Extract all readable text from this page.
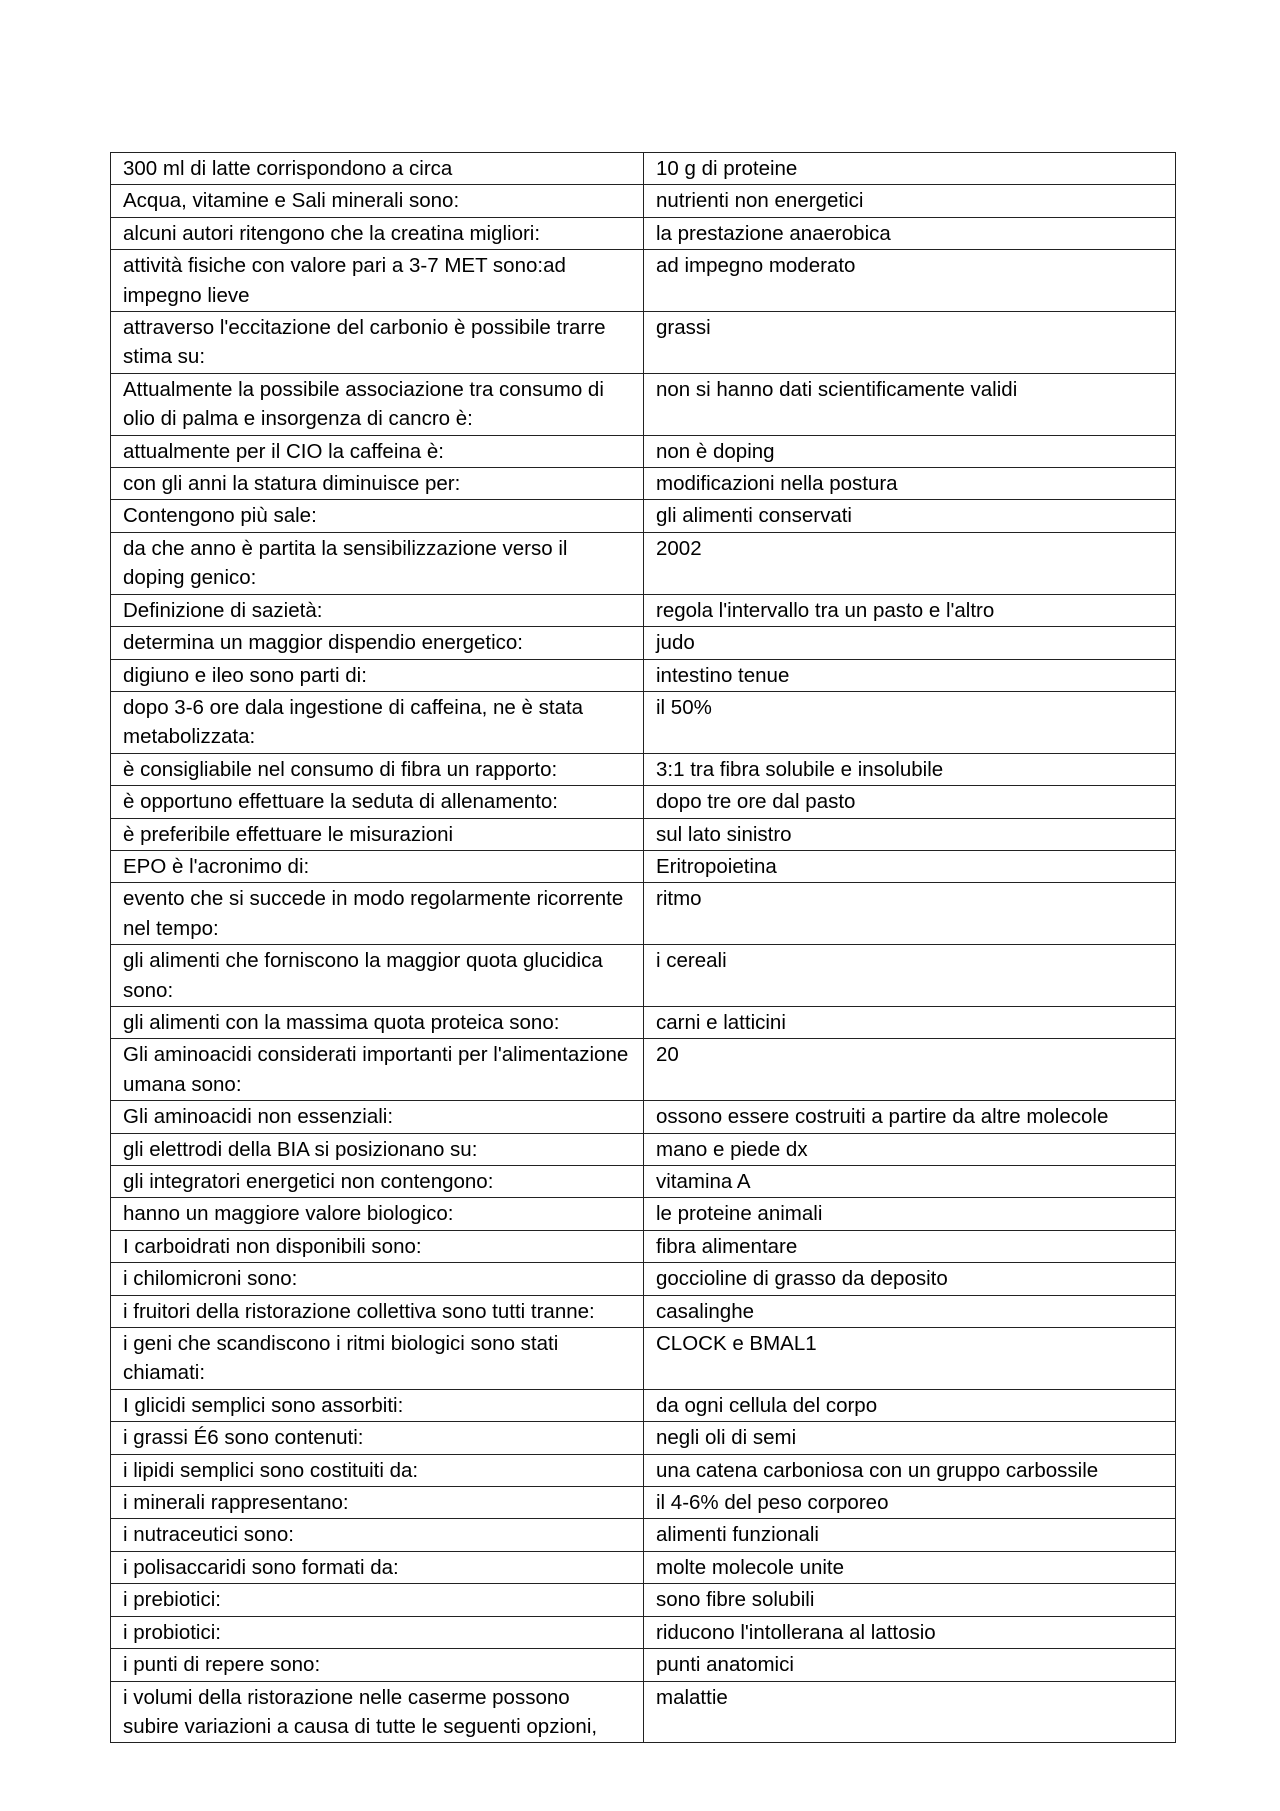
300 ml di latte corrispondono a circa	10 g di proteine
Acqua, vitamine e Sali minerali sono:	nutrienti non energetici
alcuni autori ritengono che la creatina migliori:	la prestazione anaerobica
attività fisiche con valore pari a 3-7 MET sono:ad impegno lieve	ad impegno moderato
attraverso l'eccitazione del carbonio è possibile trarre stima su:	grassi
Attualmente la possibile associazione tra consumo di olio di palma e insorgenza di cancro è:	non si hanno dati scientificamente validi
attualmente per il CIO la caffeina è:	non è doping
con gli anni la statura diminuisce per:	modificazioni nella postura
Contengono più sale:	gli alimenti conservati
da che anno è partita la sensibilizzazione verso il doping genico:	2002
Definizione di sazietà:	regola l'intervallo tra un pasto e l'altro
determina un maggior dispendio energetico:	judo
digiuno e ileo sono parti di:	intestino tenue
dopo 3-6 ore dala ingestione di caffeina, ne è stata metabolizzata:	il 50%
è consigliabile nel consumo di fibra un rapporto:	3:1 tra fibra solubile e insolubile
è opportuno effettuare la seduta di allenamento:	dopo tre ore dal pasto
è preferibile effettuare le misurazioni	sul lato sinistro
EPO è l'acronimo di:	Eritropoietina
evento che si succede in modo regolarmente ricorrente nel tempo:	ritmo
gli alimenti che forniscono la maggior quota glucidica sono:	i cereali
gli alimenti con la massima quota proteica sono:	carni e latticini
Gli aminoacidi considerati importanti per l'alimentazione umana sono:	20
Gli aminoacidi non essenziali:	ossono essere costruiti a partire da altre molecole
gli elettrodi della BIA si posizionano su:	mano e piede dx
gli integratori energetici non contengono:	vitamina A
hanno un maggiore valore biologico:	le proteine animali
I carboidrati non disponibili sono:	fibra alimentare
i chilomicroni sono:	goccioline di grasso da deposito
i fruitori della ristorazione collettiva sono tutti tranne:	casalinghe
i geni che scandiscono i ritmi biologici sono stati chiamati:	CLOCK e BMAL1
I glicidi semplici sono assorbiti:	da ogni cellula del corpo
i grassi É6 sono contenuti:	negli oli di semi
i lipidi semplici sono costituiti da:	una catena carboniosa con un gruppo carbossile
i minerali rappresentano:	il 4-6% del peso corporeo
i nutraceutici sono:	alimenti funzionali
i polisaccaridi sono formati da:	molte molecole unite
i prebiotici:	sono fibre solubili
i probiotici:	riducono l'intollerana al lattosio
i punti di repere sono:	punti anatomici
i volumi della ristorazione nelle caserme possono subire variazioni a causa di tutte le seguenti opzioni,	malattie
